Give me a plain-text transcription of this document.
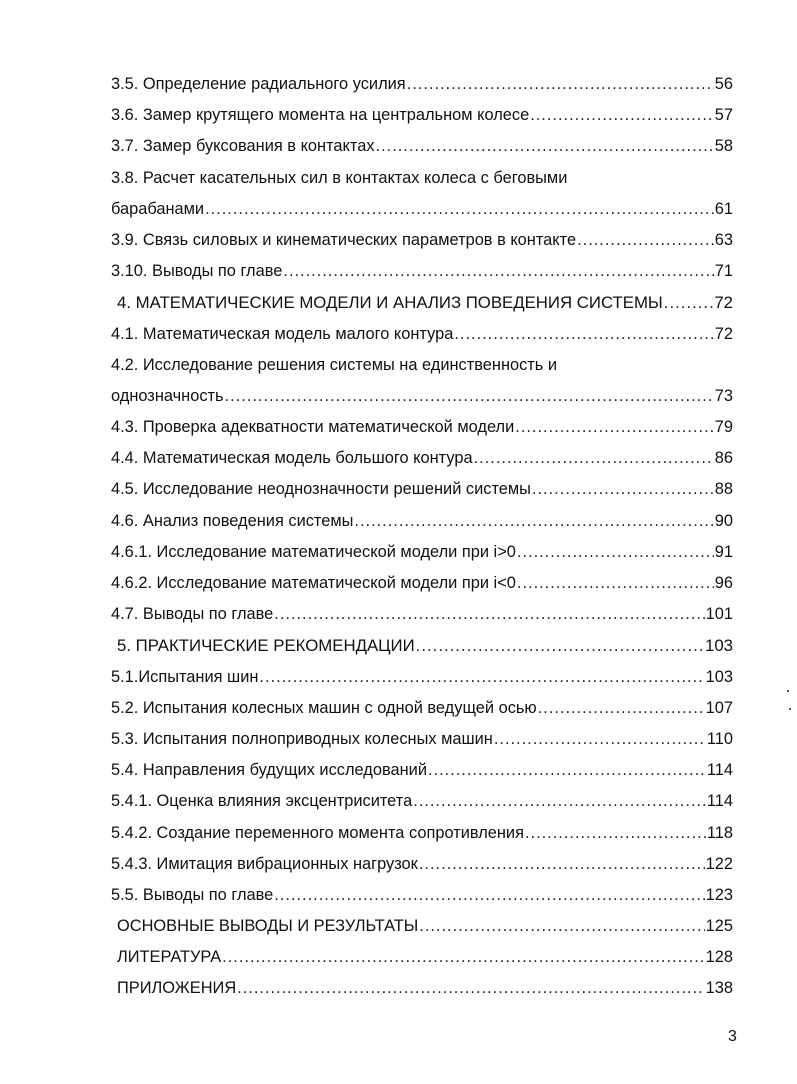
3.5. Определение радиального усилия .....	56
3.6. Замер крутящего момента на центральном колесе .....	57
3.7. Замер буксования в контактах .....	58
3.8. Расчет касательных сил в контактах колеса с беговыми
барабанами .....	61
3.9. Связь силовых и кинематических параметров в контакте .....	63
3.10. Выводы по главе .....	71
4. МАТЕМАТИЧЕСКИЕ МОДЕЛИ И АНАЛИЗ ПОВЕДЕНИЯ СИСТЕМЫ .....	72
4.1. Математическая модель малого контура .....	72
4.2. Исследование решения системы на единственность и
однозначность .....	73
4.3. Проверка адекватности математической модели .....	79
4.4. Математическая модель большого контура .....	86
4.5. Исследование неоднозначности решений системы .....	88
4.6. Анализ поведения системы .....	90
4.6.1. Исследование математической модели при i>0 .....	91
4.6.2. Исследование математической модели при i<0 .....	96
4.7. Выводы по главе .....	101
5. ПРАКТИЧЕСКИЕ РЕКОМЕНДАЦИИ .....	103
5.1.Испытания шин .....	103
5.2. Испытания колесных машин с одной ведущей осью .....	107
5.3. Испытания полноприводных колесных машин .....	110
5.4. Направления будущих исследований .....	114
5.4.1. Оценка влияния эксцентриситета .....	114
5.4.2. Создание переменного момента сопротивления .....	118
5.4.3. Имитация вибрационных нагрузок .....	122
5.5. Выводы по главе .....	123
ОСНОВНЫЕ ВЫВОДЫ И РЕЗУЛЬТАТЫ .....	125
ЛИТЕРАТУРА .....	128
ПРИЛОЖЕНИЯ .....	138
3
